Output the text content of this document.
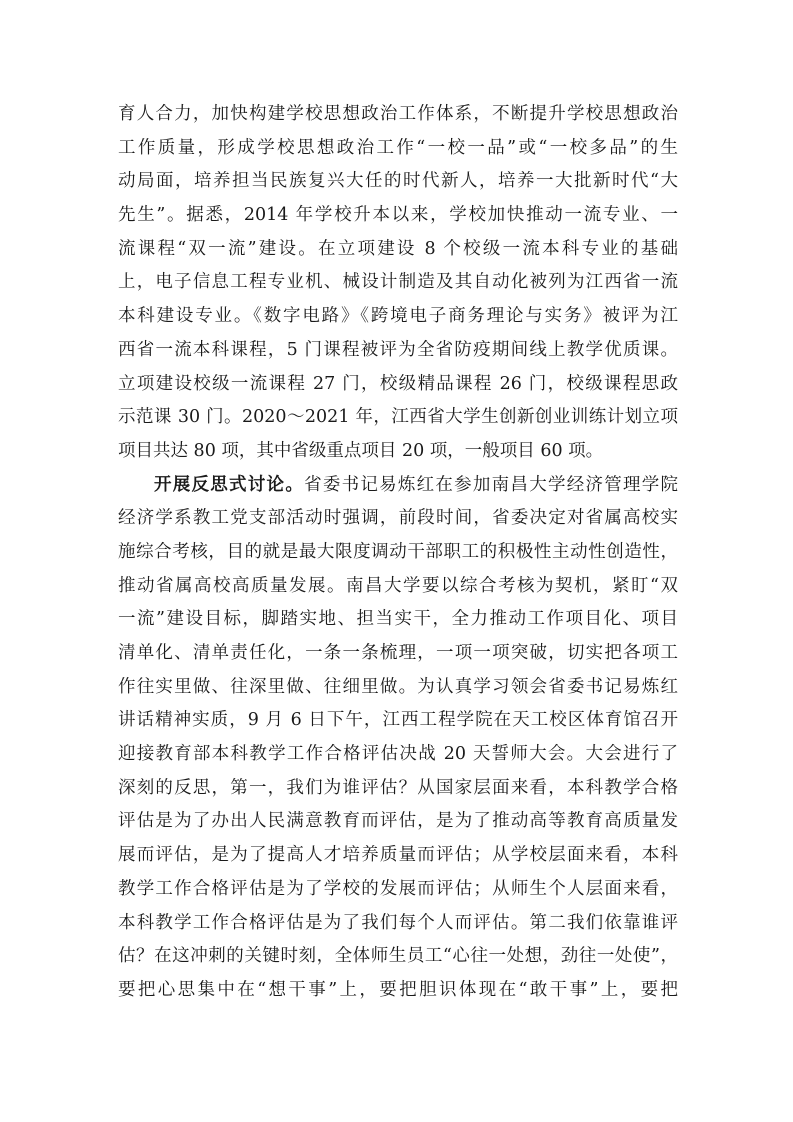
育人合力，加快构建学校思想政治工作体系，不断提升学校思想政治
工作质量，形成学校思想政治工作“一校一品”或“一校多品”的生
动局面，培养担当民族复兴大任的时代新人，培养一大批新时代“大
先生”。据悉，2014 年学校升本以来，学校加快推动一流专业、一
流课程“双一流”建设。在立项建设 8 个校级一流本科专业的基础
上，电子信息工程专业机、械设计制造及其自动化被列为江西省一流
本科建设专业。《数字电路》《跨境电子商务理论与实务》被评为江
西省一流本科课程，5 门课程被评为全省防疫期间线上教学优质课。
立项建设校级一流课程 27 门，校级精品课程 26 门，校级课程思政
示范课 30 门。2020～2021 年，江西省大学生创新创业训练计划立项
项目共达 80 项，其中省级重点项目 20 项，一般项目 60 项。
开展反思式讨论。省委书记易炼红在参加南昌大学经济管理学院
经济学系教工党支部活动时强调，前段时间，省委决定对省属高校实
施综合考核，目的就是最大限度调动干部职工的积极性主动性创造性，
推动省属高校高质量发展。南昌大学要以综合考核为契机，紧盯“双
一流”建设目标，脚踏实地、担当实干，全力推动工作项目化、项目
清单化、清单责任化，一条一条梳理，一项一项突破，切实把各项工
作往实里做、往深里做、往细里做。为认真学习领会省委书记易炼红
讲话精神实质，9 月 6 日下午，江西工程学院在天工校区体育馆召开
迎接教育部本科教学工作合格评估决战 20 天誓师大会。大会进行了
深刻的反思，第一，我们为谁评估？从国家层面来看，本科教学合格
评估是为了办出人民满意教育而评估，是为了推动高等教育高质量发
展而评估，是为了提高人才培养质量而评估；从学校层面来看，本科
教学工作合格评估是为了学校的发展而评估；从师生个人层面来看，
本科教学工作合格评估是为了我们每个人而评估。第二我们依靠谁评
估？在这冲刺的关键时刻，全体师生员工“心往一处想，劲往一处使”，
要把心思集中在“想干事”上，要把胆识体现在“敢干事”上，要把
